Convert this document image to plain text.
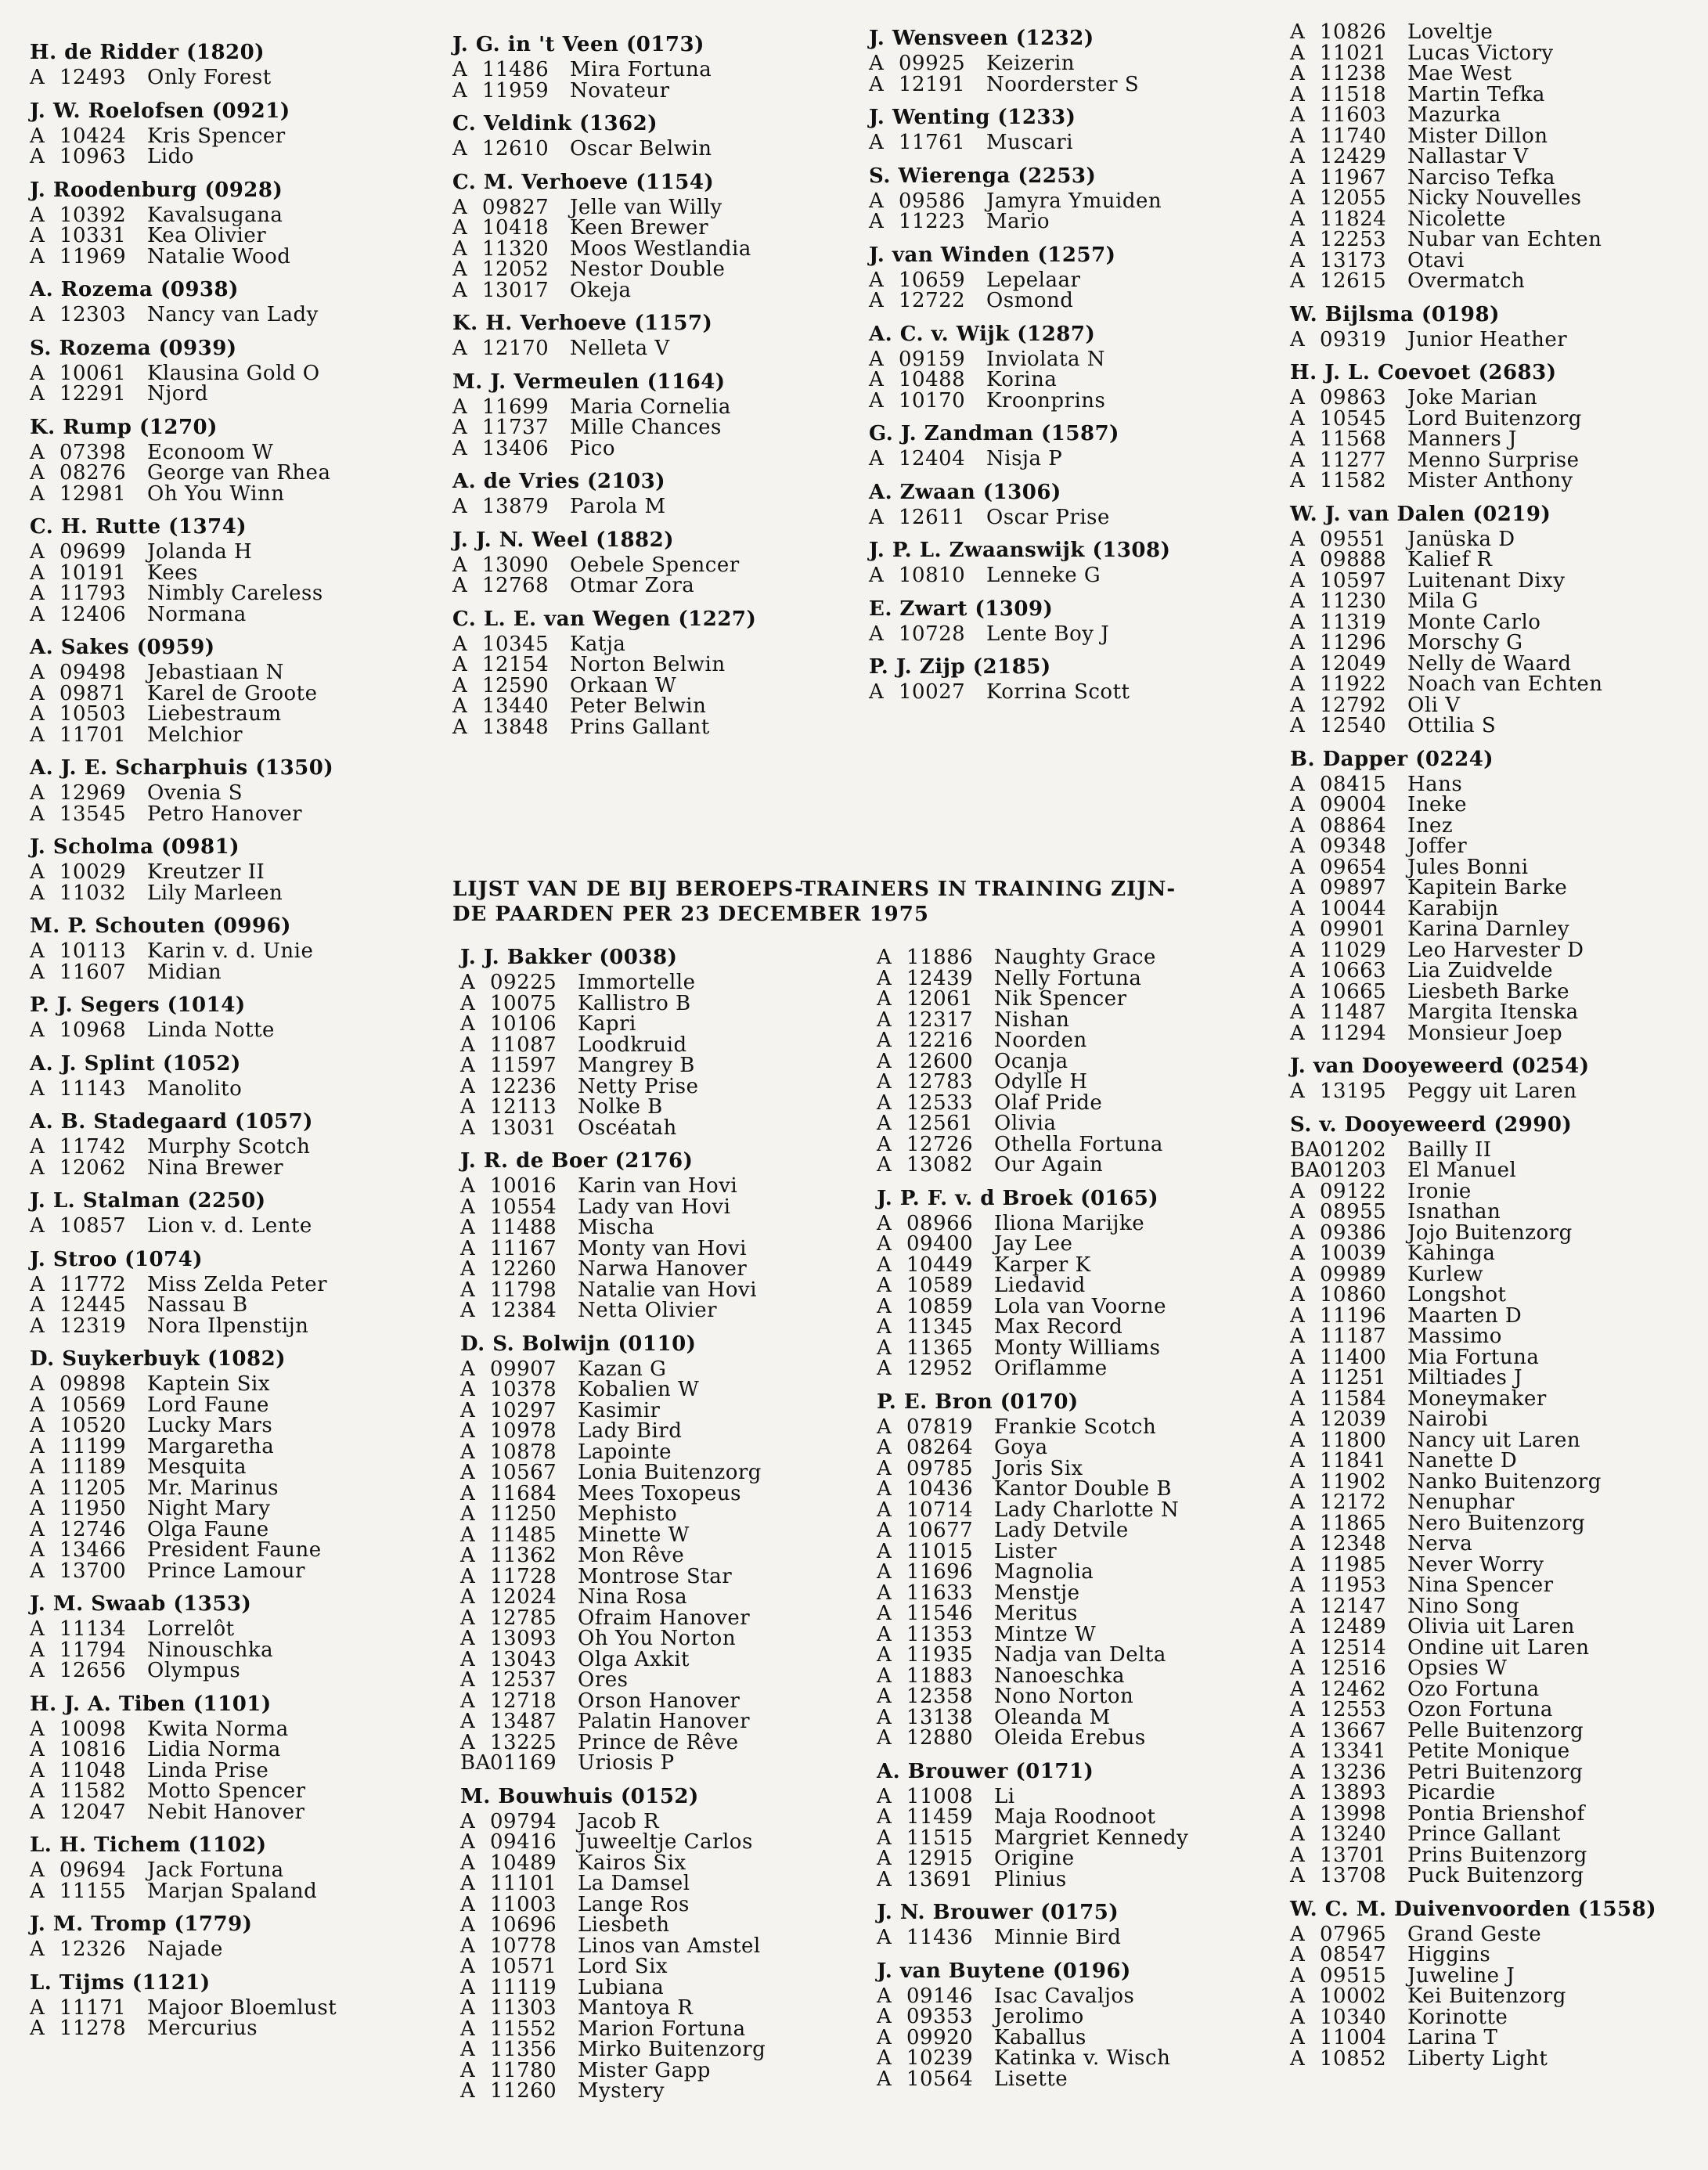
H. de Ridder (1820)
A 12493	Only Forest
J. W. Roelofsen (0921)
A 10424	Kris Spencer
A 10963	Lido
J. Roodenburg (0928)
A 10392	Kavalsugana
A 10331	Kea Olivier
A 11969	Natalie Wood
A. Rozema (0938)
A 12303	Nancy van Lady
S. Rozema (0939)
A 10061	Klausina Gold O
A 12291	Njord
K. Rump (1270)
A 07398	Econoom W
A 08276	George van Rhea
A 12981	Oh You Winn
C. H. Rutte (1374)
A 09699	Jolanda H
A 10191	Kees
A 11793	Nimbly Careless
A 12406	Normana
A. Sakes (0959)
A 09498	Jebastiaan N
A 09871	Karel de Groote
A 10503	Liebestraum
A 11701	Melchior
A. J. E. Scharphuis (1350)
A 12969	Ovenia S
A 13545	Petro Hanover
J. Scholma (0981)
A 10029	Kreutzer II
A 11032	Lily Marleen
M. P. Schouten (0996)
A 10113	Karin v. d. Unie
A 11607	Midian
P. J. Segers (1014)
A 10968	Linda Notte
A. J. Splint (1052)
A 11143	Manolito
A. B. Stadegaard (1057)
A 11742	Murphy Scotch
A 12062	Nina Brewer
J. L. Stalman (2250)
A 10857	Lion v. d. Lente
J. Stroo (1074)
A 11772	Miss Zelda Peter
A 12445	Nassau B
A 12319	Nora Ilpenstijn
D. Suykerbuyk (1082)
A 09898	Kaptein Six
A 10569	Lord Faune
A 10520	Lucky Mars
A 11199	Margaretha
A 11189	Mesquita
A 11205	Mr. Marinus
A 11950	Night Mary
A 12746	Olga Faune
A 13466	President Faune
A 13700	Prince Lamour
J. M. Swaab (1353)
A 11134	Lorrelôt
A 11794	Ninouschka
A 12656	Olympus
H. J. A. Tiben (1101)
A 10098	Kwita Norma
A 10816	Lidia Norma
A 11048	Linda Prise
A 11582	Motto Spencer
A 12047	Nebit Hanover
L. H. Tichem (1102)
A 09694	Jack Fortuna
A 11155	Marjan Spaland
J. M. Tromp (1779)
A 12326	Najade
L. Tijms (1121)
A 11171	Majoor Bloemlust
A 11278	Mercurius
J. G. in 't Veen (0173)
A 11486	Mira Fortuna
A 11959	Novateur
C. Veldink (1362)
A 12610	Oscar Belwin
C. M. Verhoeve (1154)
A 09827	Jelle van Willy
A 10418	Keen Brewer
A 11320	Moos Westlandia
A 12052	Nestor Double
A 13017	Okeja
K. H. Verhoeve (1157)
A 12170	Nelleta V
M. J. Vermeulen (1164)
A 11699	Maria Cornelia
A 11737	Mille Chances
A 13406	Pico
A. de Vries (2103)
A 13879	Parola M
J. J. N. Weel (1882)
A 13090	Oebele Spencer
A 12768	Otmar Zora
C. L. E. van Wegen (1227)
A 10345	Katja
A 12154	Norton Belwin
A 12590	Orkaan W
A 13440	Peter Belwin
A 13848	Prins Gallant
J. Wensveen (1232)
A 09925	Keizerin
A 12191	Noorderster S
J. Wenting (1233)
A 11761	Muscari
S. Wierenga (2253)
A 09586	Jamyra Ymuiden
A 11223	Mario
J. van Winden (1257)
A 10659	Lepelaar
A 12722	Osmond
A. C. v. Wijk (1287)
A 09159	Inviolata N
A 10488	Korina
A 10170	Kroonprins
G. J. Zandman (1587)
A 12404	Nisja P
A. Zwaan (1306)
A 12611	Oscar Prise
J. P. L. Zwaanswijk (1308)
A 10810	Lenneke G
E. Zwart (1309)
A 10728	Lente Boy J
P. J. Zijp (2185)
A 10027	Korrina Scott
A 10826	Loveltje
A 11021	Lucas Victory
A 11238	Mae West
A 11518	Martin Tefka
A 11603	Mazurka
A 11740	Mister Dillon
A 12429	Nallastar V
A 11967	Narciso Tefka
A 12055	Nicky Nouvelles
A 11824	Nicolette
A 12253	Nubar van Echten
A 13173	Otavi
A 12615	Overmatch
W. Bijlsma (0198)
A 09319	Junior Heather
H. J. L. Coevoet (2683)
A 09863	Joke Marian
A 10545	Lord Buitenzorg
A 11568	Manners J
A 11277	Menno Surprise
A 11582	Mister Anthony
W. J. van Dalen (0219)
A 09551	Janüska D
A 09888	Kalief R
A 10597	Luitenant Dixy
A 11230	Mila G
A 11319	Monte Carlo
A 11296	Morschy G
A 12049	Nelly de Waard
A 11922	Noach van Echten
A 12792	Oli V
A 12540	Ottilia S
B. Dapper (0224)
A 08415	Hans
A 09004	Ineke
A 08864	Inez
A 09348	Joffer
A 09654	Jules Bonni
A 09897	Kapitein Barke
A 10044	Karabijn
A 09901	Karina Darnley
A 11029	Leo Harvester D
A 10663	Lia Zuidvelde
A 10665	Liesbeth Barke
A 11487	Margita Itenska
A 11294	Monsieur Joep
J. van Dooyeweerd (0254)
A 13195	Peggy uit Laren
S. v. Dooyeweerd (2990)
BA 01202	Bailly II
BA 01203	El Manuel
A 09122	Ironie
A 08955	Isnathan
A 09386	Jojo Buitenzorg
A 10039	Kahinga
A 09989	Kurlew
A 10860	Longshot
A 11196	Maarten D
A 11187	Massimo
A 11400	Mia Fortuna
A 11251	Miltiades J
A 11584	Moneymaker
A 12039	Nairobi
A 11800	Nancy uit Laren
A 11841	Nanette D
A 11902	Nanko Buitenzorg
A 12172	Nenuphar
A 11865	Nero Buitenzorg
A 12348	Nerva
A 11985	Never Worry
A 11953	Nina Spencer
A 12147	Nino Song
A 12489	Olivia uit Laren
A 12514	Ondine uit Laren
A 12516	Opsies W
A 12462	Ozo Fortuna
A 12553	Ozon Fortuna
A 13667	Pelle Buitenzorg
A 13341	Petite Monique
A 13236	Petri Buitenzorg
A 13893	Picardie
A 13998	Pontia Brienshof
A 13240	Prince Gallant
A 13701	Prins Buitenzorg
A 13708	Puck Buitenzorg
W. C. M. Duivenvoorden (1558)
A 07965	Grand Geste
A 08547	Higgins
A 09515	Juweline J
A 10002	Kei Buitenzorg
A 10340	Korinotte
A 11004	Larina T
A 10852	Liberty Light
J. J. Bakker (0038)
A 09225	Immortelle
A 10075	Kallistro B
A 10106	Kapri
A 11087	Loodkruid
A 11597	Mangrey B
A 12236	Netty Prise
A 12113	Nolke B
A 13031	Oscéatah
J. R. de Boer (2176)
A 10016	Karin van Hovi
A 10554	Lady van Hovi
A 11488	Mischa
A 11167	Monty van Hovi
A 12260	Narwa Hanover
A 11798	Natalie van Hovi
A 12384	Netta Olivier
D. S. Bolwijn (0110)
A 09907	Kazan G
A 10378	Kobalien W
A 10297	Kasimir
A 10978	Lady Bird
A 10878	Lapointe
A 10567	Lonia Buitenzorg
A 11684	Mees Toxopeus
A 11250	Mephisto
A 11485	Minette W
A 11362	Mon Rêve
A 11728	Montrose Star
A 12024	Nina Rosa
A 12785	Ofraim Hanover
A 13093	Oh You Norton
A 13043	Olga Axkit
A 12537	Ores
A 12718	Orson Hanover
A 13487	Palatin Hanover
A 13225	Prince de Rêve
BA 01169	Uriosis P
M. Bouwhuis (0152)
A 09794	Jacob R
A 09416	Juweeltje Carlos
A 10489	Kairos Six
A 11101	La Damsel
A 11003	Lange Ros
A 10696	Liesbeth
A 10778	Linos van Amstel
A 10571	Lord Six
A 11119	Lubiana
A 11303	Mantoya R
A 11552	Marion Fortuna
A 11356	Mirko Buitenzorg
A 11780	Mister Gapp
A 11260	Mystery
A 11886	Naughty Grace
A 12439	Nelly Fortuna
A 12061	Nik Spencer
A 12317	Nishan
A 12216	Noorden
A 12600	Ocanja
A 12783	Odylle H
A 12533	Olaf Pride
A 12561	Olivia
A 12726	Othella Fortuna
A 13082	Our Again
J. P. F. v. d Broek (0165)
A 08966	Iliona Marijke
A 09400	Jay Lee
A 10449	Karper K
A 10589	Liedavid
A 10859	Lola van Voorne
A 11345	Max Record
A 11365	Monty Williams
A 12952	Oriflamme
P. E. Bron (0170)
A 07819	Frankie Scotch
A 08264	Goya
A 09785	Joris Six
A 10436	Kantor Double B
A 10714	Lady Charlotte N
A 10677	Lady Detvile
A 11015	Lister
A 11696	Magnolia
A 11633	Menstje
A 11546	Meritus
A 11353	Mintze W
A 11935	Nadja van Delta
A 11883	Nanoeschka
A 12358	Nono Norton
A 13138	Oleanda M
A 12880	Oleida Erebus
A. Brouwer (0171)
A 11008	Li
A 11459	Maja Roodnoot
A 11515	Margriet Kennedy
A 12915	Origine
A 13691	Plinius
J. N. Brouwer (0175)
A 11436	Minnie Bird
J. van Buytene (0196)
A 09146	Isac Cavaljos
A 09353	Jerolimo
A 09920	Kaballus
A 10239	Katinka v. Wisch
A 10564	Lisette
LIJST VAN DE BIJ BEROEPS-TRAINERS IN TRAINING ZIJN-
DE PAARDEN PER 23 DECEMBER 1975
